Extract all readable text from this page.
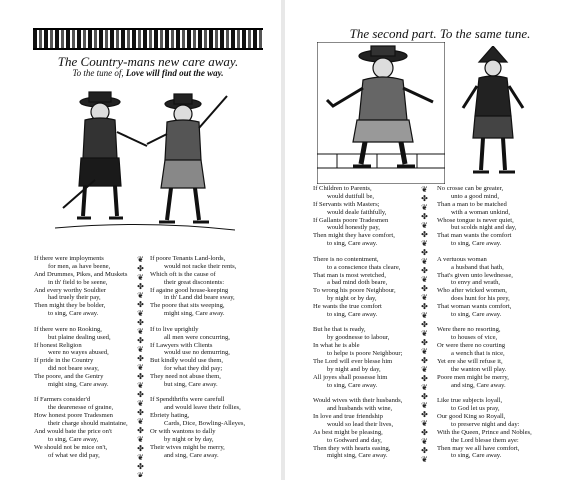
The Country-mans new care away.
To the tune of, Love will find out the way.
If there were imployments
for men, as have beene,
And Drummes, Pikes, and Muskets
in th' field to be seene,
And every worthy Souldier
had truely their pay,
Then might they be bolder,
to sing, Care away.
If there were no Rooking,
but plaine dealing used,
If honest Religion
were no wayes abused,
If pride in the Country
did not beare sway,
The poore, and the Gentry
might sing, Care away.
If Farmers consider'd
the dearenesse of graine,
How honest poore Tradesmen
their charge should maintaine,
And would bate the price on't
to sing, Care away,
We should not be mice on't,
of what we did pay,
❦
✤
❦
✤
❦
✤
❦
✤
❦
✤
❦
✤
❦
✤
❦
✤
❦
✤
❦
✤
❦
✤
❦
✤
❦
If poore Tenants Land-lords,
would not racke their rents,
Which oft is the cause of
their great discontents:
If againe good house-keeping
in th' Land did beare sway,
The poore that sits weeping,
might sing, Care away.
If to live uprightly
all men were concurring,
If Lawyers with Clients
would use no demurring,
But kindly would use them,
for what they did pay;
They need not abuse them,
but sing, Care away.
If Spendthrifts were carefull
and would leave their follies,
Ebriety hating,
Cards, Dice, Bowling-Alleyes,
Or with wantons to dally
by night or by day,
Their wives might be merry,
and sing, Care away.
The second part. To the same tune.
If Children to Parents,
would dutifull be,
If Servants with Masters;
would deale faithfully,
If Gallants poore Tradesmen
would honestly pay,
Then might they have comfort,
to sing, Care away.
There is no contentment,
to a conscience thats cleare,
That man is most wretched,
a bad mind doth beare,
To wrong his poore Neighbour,
by night or by day,
He wants the true comfort
to sing, Care away.
But he that is ready,
by goodnesse to labour,
In what he is able
to helpe is poore Neighbour;
The Lord will ever blesse him
by night and by day,
All joyes shall possesse him
to sing, Care away.
Would wives with their husbands,
and husbands with wine,
In love and true friendship
would so lead their lives,
As best might be pleasing,
to Godward and day,
Then they with hearts easing,
might sing, Care away.
❦
✤
❦
✤
❦
✤
❦
✤
❦
✤
❦
✤
❦
✤
❦
✤
❦
✤
❦
✤
❦
✤
❦
✤
❦
✤
❦
✤
❦
✤
❦
No crosse can be greater,
unto a good mind,
Than a man to be matched
with a woman unkind,
Whose tongue is never quiet,
but scolds night and day,
That man wants the comfort
to sing, Care away.
A vertuous woman
a husband that hath,
That's given unto lewdnesse,
to envy and wrath,
Who after wicked women,
does hunt for his prey,
That woman wants comfort,
to sing, Care away.
Were there no resorting,
to houses of vice,
Or were there no courting
a wench that is nice,
Yet ere she will refuse it,
the wanton will play.
Poore men might be merry,
and sing, Care away.
Like true subjects loyall,
to God let us pray,
Our good King so Royall,
to preserve night and day:
With the Queen, Prince and Nobles,
the Lord blesse them aye:
Then may we all have comfort,
to sing, Care away.
